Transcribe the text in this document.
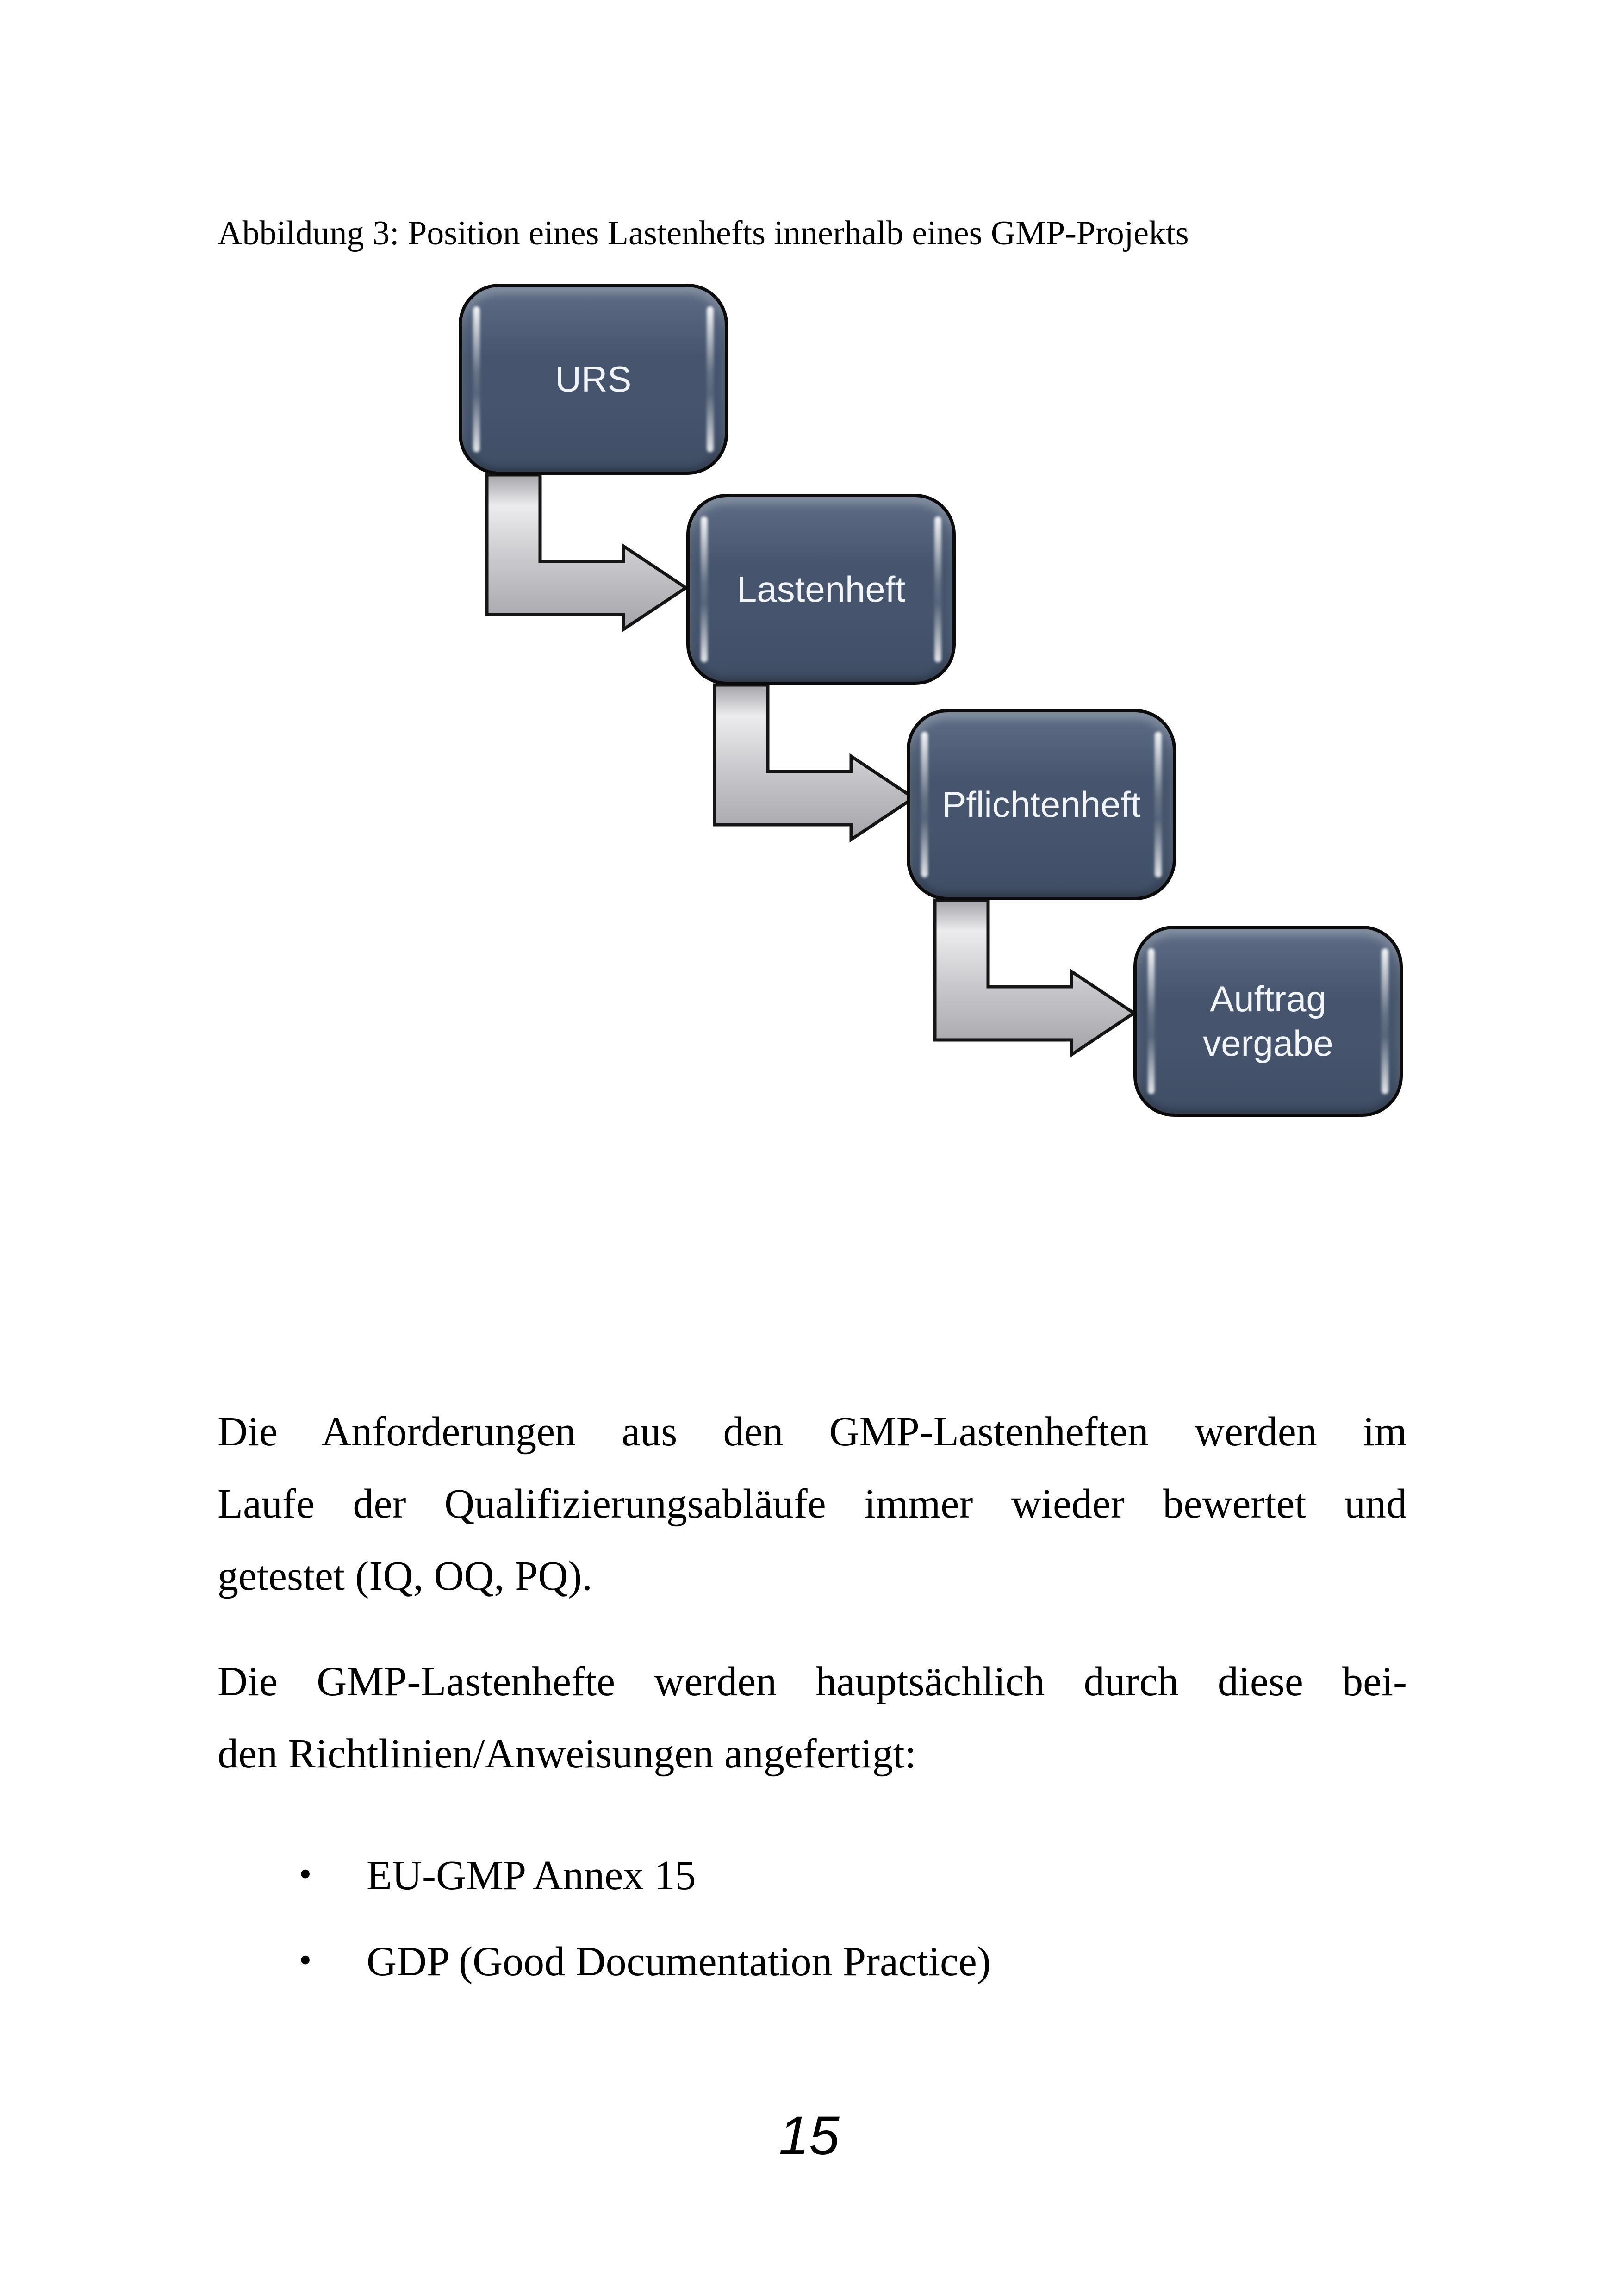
Abbildung 3: Position eines Lastenhefts innerhalb eines GMP-Projekts
URS
Lastenheft
Pflichtenheft
Auftrag vergabe
Die Anforderungen aus den GMP-Lastenheften werden im
Laufe der Qualifizierungsabläufe immer wieder bewertet und
getestet (IQ, OQ, PQ).
Die GMP-Lastenhefte werden hauptsächlich durch diese bei-
den Richtlinien/Anweisungen angefertigt:
• EU-GMP Annex 15
• GDP (Good Documentation Practice)
15
